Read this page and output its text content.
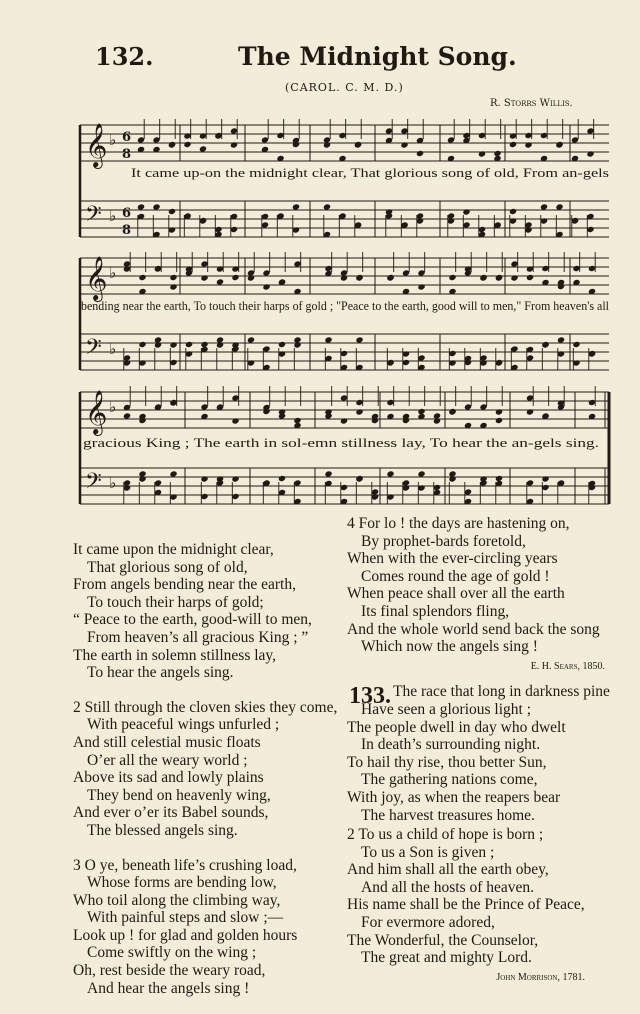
132.	The Midnight Song.
(CAROL. C. M. D.)
R. Storrs Willis.
𝄞 ♭ 6
8
𝄢 ♭ 6
8
𝄞 ♭
𝄢 ♭
𝄞 ♭
𝄢 ♭
It came up-on the midnight clear, That glorious song of old, From an-gels
bending near the earth, To touch their harps of gold ; "Peace to the earth, good will to men," From heaven's all
gracious King ; The earth in sol-emn stillness lay, To hear the an-gels sing.
It came upon the midnight clear,
That glorious song of old,
From angels bending near the earth,
To touch their harps of gold;
“ Peace to the earth, good-will to men,
From heaven’s all gracious King ; ”
The earth in solemn stillness lay,
To hear the angels sing.
2 Still through the cloven skies they come,
With peaceful wings unfurled ;
And still celestial music floats
O’er all the weary world ;
Above its sad and lowly plains
They bend on heavenly wing,
And ever o’er its Babel sounds,
The blessed angels sing.
3 O ye, beneath life’s crushing load,
Whose forms are bending low,
Who toil along the climbing way,
With painful steps and slow ;—
Look up ! for glad and golden hours
Come swiftly on the wing ;
Oh, rest beside the weary road,
And hear the angels sing !
4 For lo ! the days are hastening on,
By prophet-bards foretold,
When with the ever-circling years
Comes round the age of gold !
When peace shall over all the earth
Its final splendors fling,
And the whole world send back the song
Which now the angels sing !
E. H. Sears, 1850.
133. The race that long in darkness pine
Have seen a glorious light ;
The people dwell in day who dwelt
In death’s surrounding night.
To hail thy rise, thou better Sun,
The gathering nations come,
With joy, as when the reapers bear
The harvest treasures home.
2 To us a child of hope is born ;
To us a Son is given ;
And him shall all the earth obey,
And all the hosts of heaven.
His name shall be the Prince of Peace,
For evermore adored,
The Wonderful, the Counselor,
The great and mighty Lord.
John Morrison, 1781.
